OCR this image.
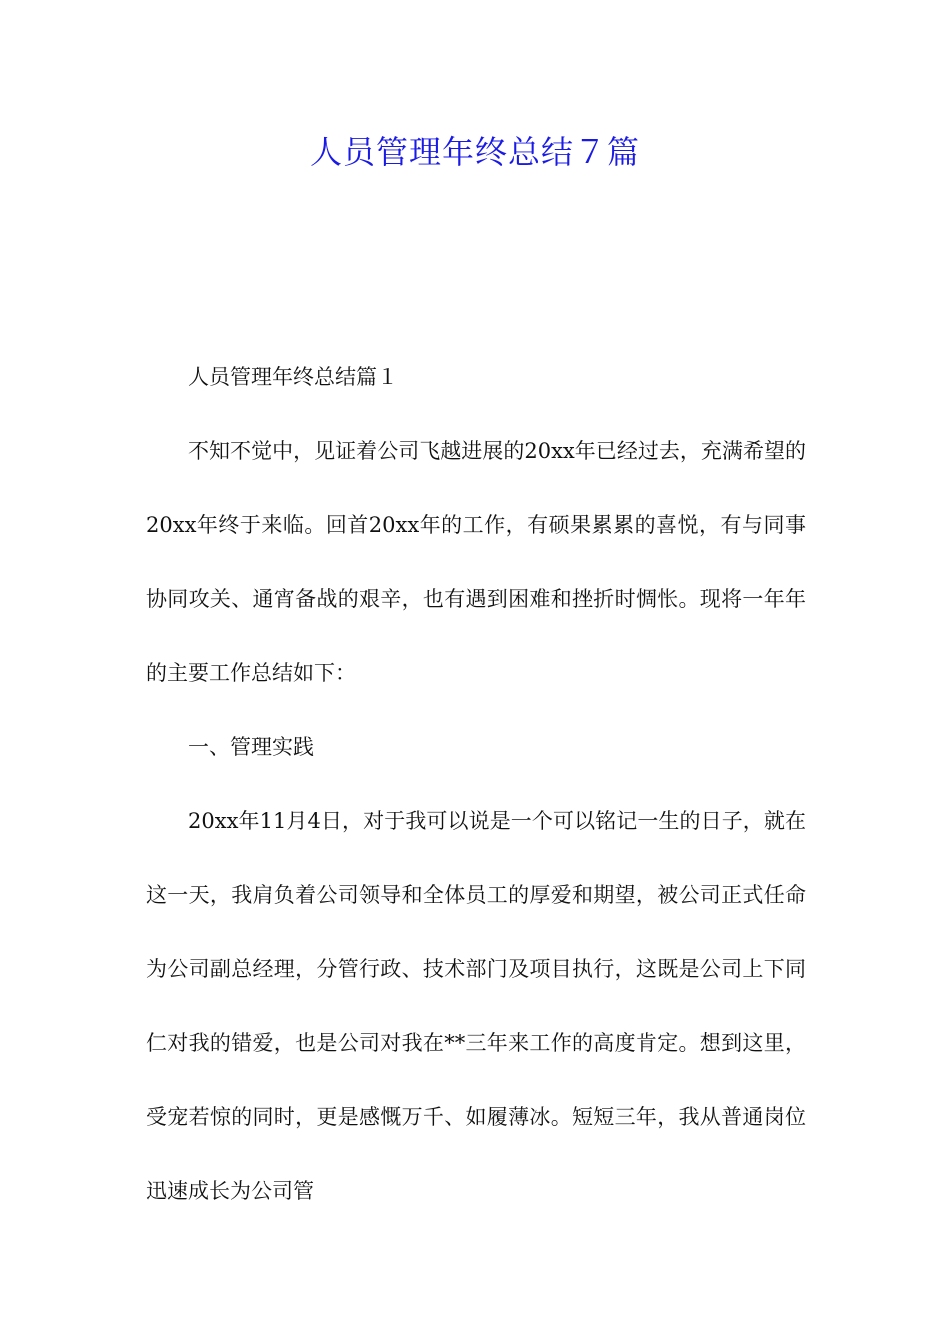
人员管理年终总结７篇

人员管理年终总结篇１

不知不觉中，见证着公司飞越进展的20xx年已经过去，充满希望的20xx年终于来临。回首20xx年的工作，有硕果累累的喜悦，有与同事协同攻关、通宵备战的艰辛，也有遇到困难和挫折时惆怅。现将一年年的主要工作总结如下：

一、管理实践

20xx年11月4日，对于我可以说是一个可以铭记一生的日子，就在这一天，我肩负着公司领导和全体员工的厚爱和期望，被公司正式任命为公司副总经理，分管行政、技术部门及项目执行，这既是公司上下同仁对我的错爱，也是公司对我在**三年来工作的高度肯定。想到这里，受宠若惊的同时，更是感慨万千、如履薄冰。短短三年，我从普通岗位迅速成长为公司管
